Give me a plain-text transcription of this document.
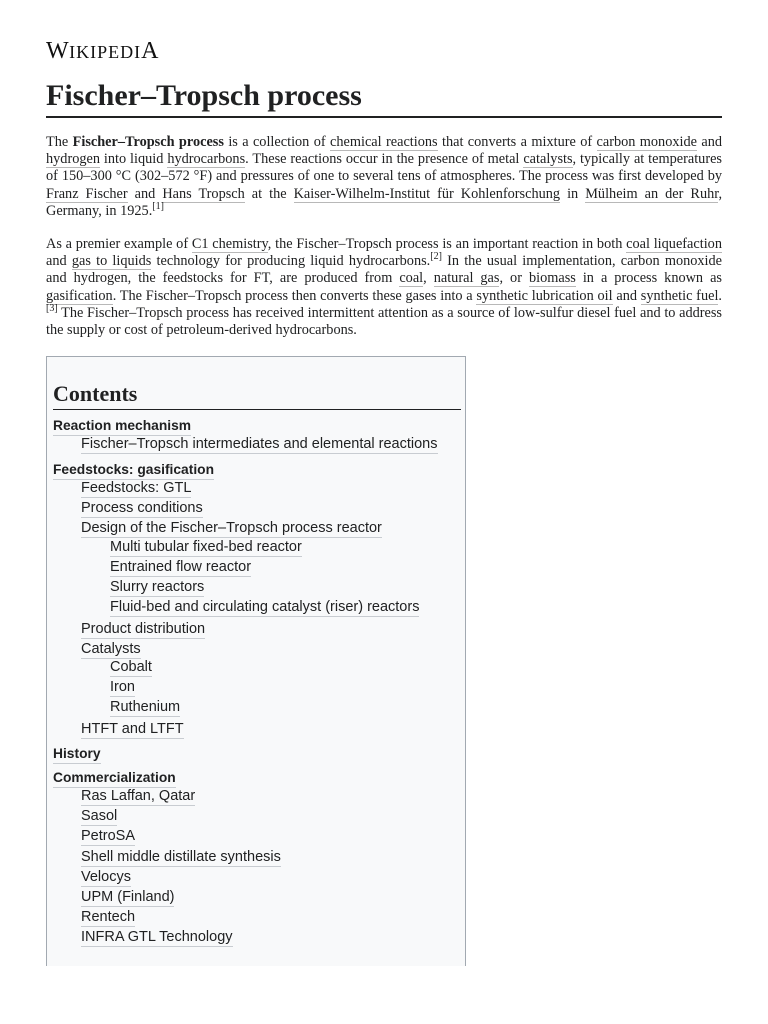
WIKIPEDIA
Fischer–Tropsch process

The Fischer–Tropsch process is a collection of chemical reactions that converts a mixture of carbon monoxide and hydrogen into liquid hydrocarbons. These reactions occur in the presence of metal catalysts, typically at temperatures of 150–300 °C (302–572 °F) and pressures of one to several tens of atmospheres. The process was first developed by Franz Fischer and Hans Tropsch at the Kaiser-Wilhelm-Institut für Kohlenforschung in Mülheim an der Ruhr, Germany, in 1925.[1]

As a premier example of C1 chemistry, the Fischer–Tropsch process is an important reaction in both coal liquefaction and gas to liquids technology for producing liquid hydrocarbons.[2] In the usual implementation, carbon monoxide and hydrogen, the feedstocks for FT, are produced from coal, natural gas, or biomass in a process known as gasification. The Fischer–Tropsch process then converts these gases into a synthetic lubrication oil and synthetic fuel.[3] The Fischer–Tropsch process has received intermittent attention as a source of low-sulfur diesel fuel and to address the supply or cost of petroleum-derived hydrocarbons.

Contents
Reaction mechanism
Fischer–Tropsch intermediates and elemental reactions
Feedstocks: gasification
Feedstocks: GTL
Process conditions
Design of the Fischer–Tropsch process reactor
Multi tubular fixed-bed reactor
Entrained flow reactor
Slurry reactors
Fluid-bed and circulating catalyst (riser) reactors
Product distribution
Catalysts
Cobalt
Iron
Ruthenium
HTFT and LTFT
History
Commercialization
Ras Laffan, Qatar
Sasol
PetroSA
Shell middle distillate synthesis
Velocys
UPM (Finland)
Rentech
INFRA GTL Technology
